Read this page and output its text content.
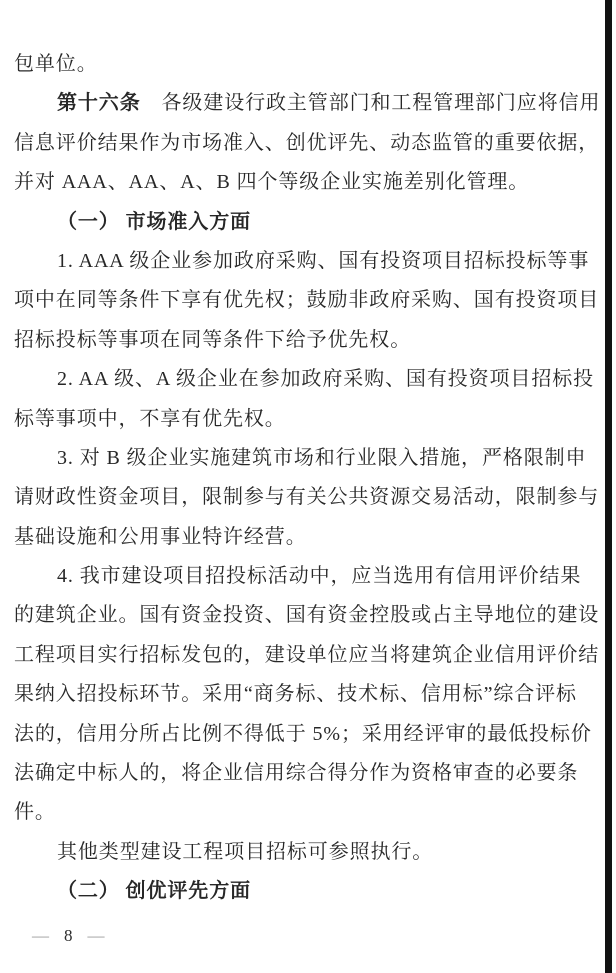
包单位。
第十六条　各级建设行政主管部门和工程管理部门应将信用
信息评价结果作为市场准入、创优评先、动态监管的重要依据，
并对 AAA、AA、A、B 四个等级企业实施差别化管理。
（一） 市场准入方面
1. AAA 级企业参加政府采购、国有投资项目招标投标等事
项中在同等条件下享有优先权；鼓励非政府采购、国有投资项目
招标投标等事项在同等条件下给予优先权。
2. AA 级、A 级企业在参加政府采购、国有投资项目招标投
标等事项中，不享有优先权。
3. 对 B 级企业实施建筑市场和行业限入措施，严格限制申
请财政性资金项目，限制参与有关公共资源交易活动，限制参与
基础设施和公用事业特许经营。
4. 我市建设项目招投标活动中，应当选用有信用评价结果
的建筑企业。国有资金投资、国有资金控股或占主导地位的建设
工程项目实行招标发包的，建设单位应当将建筑企业信用评价结
果纳入招投标环节。采用“商务标、技术标、信用标”综合评标
法的，信用分所占比例不得低于 5%；采用经评审的最低投标价
法确定中标人的，将企业信用综合得分作为资格审查的必要条
件。
其他类型建设工程项目招标可参照执行。
（二） 创优评先方面
— 8 —
